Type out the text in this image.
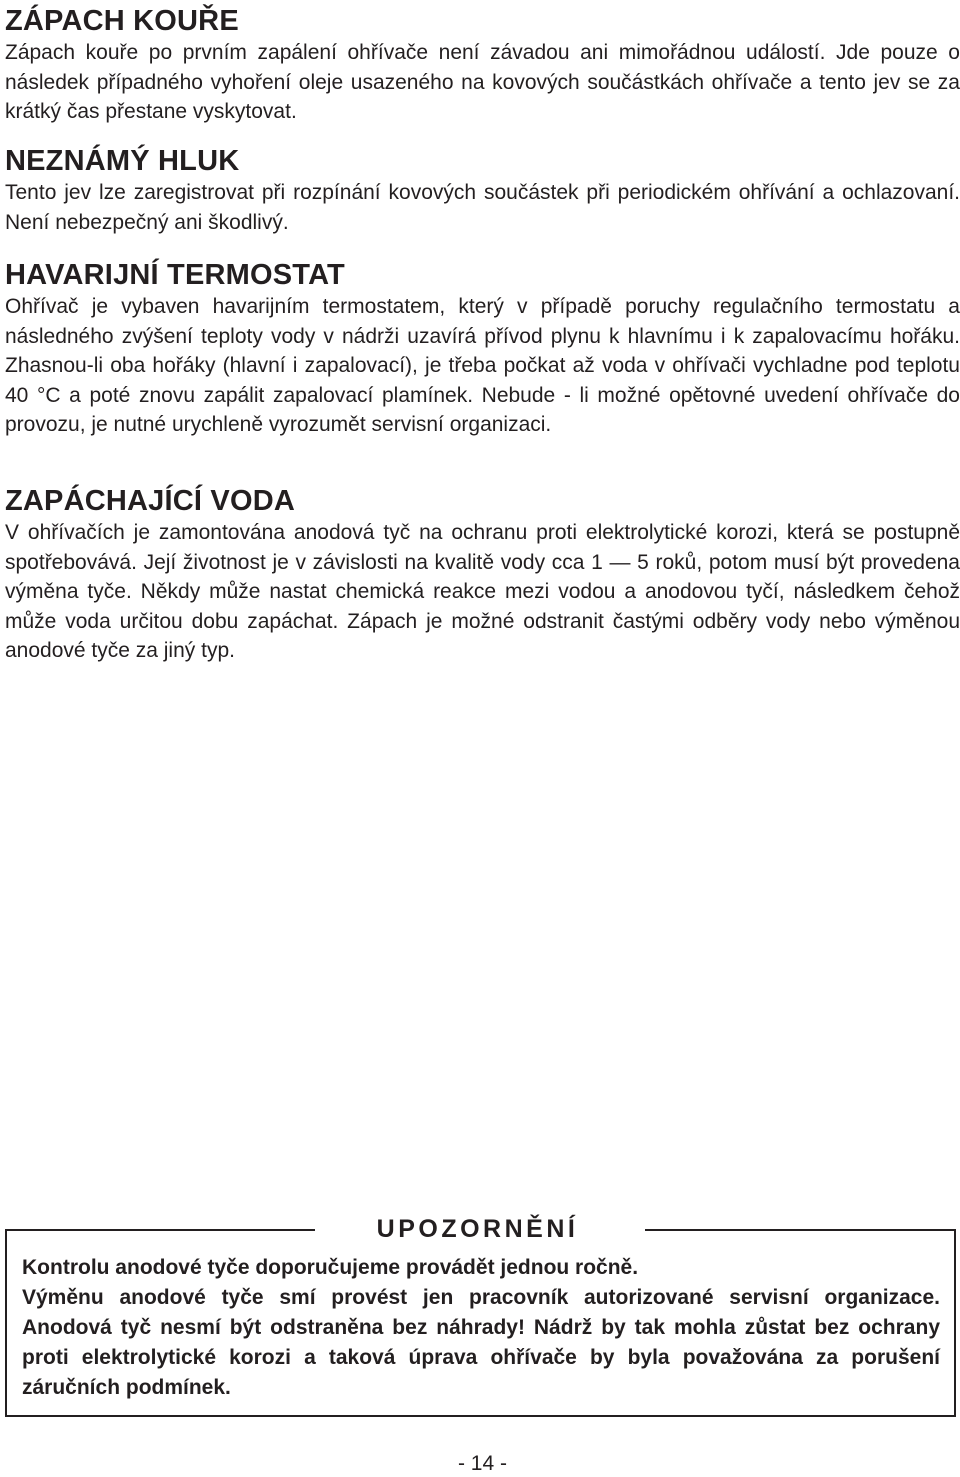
ZÁPACH KOUŘE

Zápach kouře po prvním zapálení ohřívače není závadou ani mimořádnou událostí. Jde pouze o následek případného vyhoření oleje usazeného na kovových součástkách ohřívače a tento jev se za krátký čas přestane vyskytovat.

NEZNÁMÝ HLUK

Tento jev lze zaregistrovat při rozpínání kovových součástek při periodickém ohřívání a ochlazovaní. Není nebezpečný ani škodlivý.

HAVARIJNÍ TERMOSTAT

Ohřívač je vybaven havarijním termostatem, který v případě poruchy regulačního termostatu a následného zvýšení teploty vody v nádrži uzavírá přívod plynu k hlavnímu i k zapalovacímu hořáku. Zhasnou-li oba hořáky (hlavní i zapalovací), je třeba počkat až voda v ohřívači vychladne pod teplotu 40 °C a poté znovu zapálit zapalovací plamínek. Nebude - li možné opětovné uvedení ohřívače do provozu, je nutné urychleně vyrozumět servisní organizaci.

ZAPÁCHAJÍCÍ VODA

V ohřívačích je zamontována anodová tyč na ochranu proti elektrolytické korozi, která se postupně spotřebovává. Její životnost je v závislosti na kvalitě vody cca 1 — 5 roků, potom musí být provedena výměna tyče. Někdy může nastat chemická reakce mezi vodou a anodovou tyčí, následkem čehož může voda určitou dobu zapáchat. Zápach je možné odstranit častými odběry vody nebo výměnou anodové tyče za jiný typ.

Kontrolu anodové tyče doporučujeme provádět jednou ročně.

Výměnu anodové tyče smí provést jen pracovník autorizované servisní organizace. Anodová tyč nesmí být odstraněna bez náhrady! Nádrž by tak mohla zůstat bez ochrany proti elektrolytické korozi a taková úprava ohřívače by byla považována za porušení záručních podmínek.

UPOZORNĚNÍ
- 14 -
